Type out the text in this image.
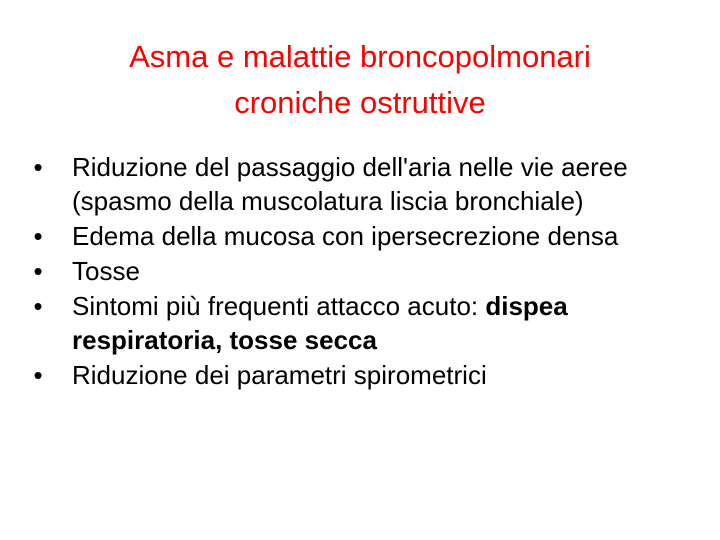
Asma e malattie broncopolmonari
croniche ostruttive
• Riduzione del passaggio dell'aria nelle vie aeree (spasmo della muscolatura liscia bronchiale)
• Edema della mucosa con ipersecrezione densa
• Tosse
• Sintomi più frequenti attacco acuto: dispea respiratoria, tosse secca
• Riduzione dei parametri spirometrici
